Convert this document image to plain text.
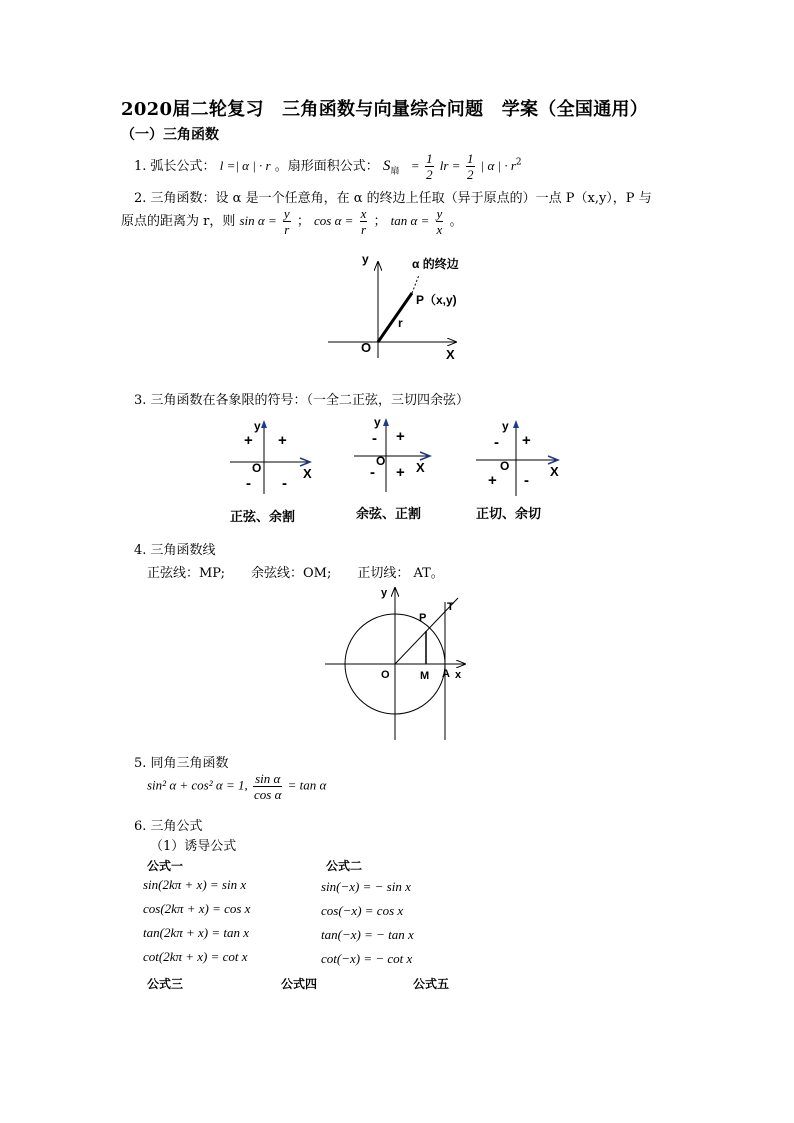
2020届二轮复习　三角函数与向量综合问题　学案（全国通用）
（一）三角函数
1. 弧长公式： l =| α | · r 。扇形面积公式： $S_扇 = \frac{1}{2}$ lr = $\frac{1}{2}$ | α | · $r^2$
2. 三角函数：设 α 是一个任意角，在 α 的终边上任取（异于原点的）一点 P（x,y），P 与
原点的距离为 r，则 $\sin \alpha = \frac{y}{r}$ ； $\cos \alpha = \frac{x}{r}$ ； $\tan \alpha = \frac{y}{x}$ 。
y	α 的终边
P（x,y)
r
O	X
3. 三角函数在各象限的符号：（一全二正弦，三切四余弦）
y
+ +
O	X
- -
正弦、余割
y
- +
O X
- +
余弦、正割
y
- +
O	X
+ -
正切、余切
4. 三角函数线
正弦线：MP;　　余弦线：OM;　　正切线： AT。
y
P
T
O	M A x
5. 同角三角函数
sin² α + cos² α = 1, $\frac{\text{sin α}}{\text{cos α}} = \tan \alpha$
6. 三角公式
（1）诱导公式
公式一
sin(2kπ + x) = sin x
cos(2kπ + x) = cos x
tan(2kπ + x) = tan x
cot(2kπ + x) = cot x
公式二
sin(−x) = − sin x
cos(−x) = cos x
tan(−x) = − tan x
cot(−x) = − cot x
公式三	公式四	公式五
